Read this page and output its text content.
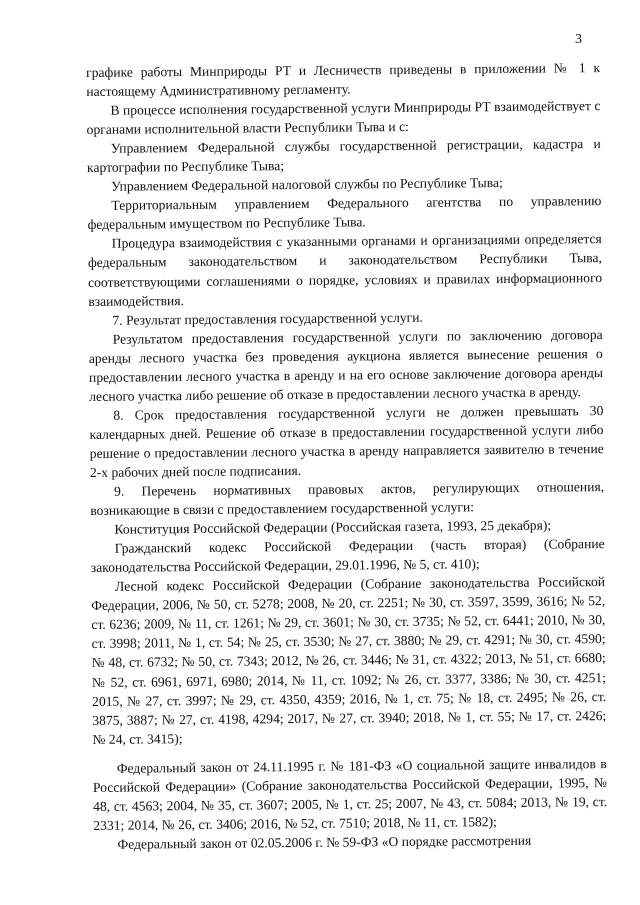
3

графике работы Минприроды РТ и Лесничеств приведены в приложении № 1 к настоящему Административному регламенту.

В процессе исполнения государственной услуги Минприроды РТ взаимодействует с органами исполнительной власти Республики Тыва и с:

Управлением Федеральной службы государственной регистрации, кадастра и картографии по Республике Тыва;

Управлением Федеральной налоговой службы по Республике Тыва;

Территориальным управлением Федерального агентства по управлению федеральным имуществом по Республике Тыва.

Процедура взаимодействия с указанными органами и организациями определяется федеральным законодательством и законодательством Республики Тыва, соответствующими соглашениями о порядке, условиях и правилах информационного взаимодействия.

7. Результат предоставления государственной услуги.

Результатом предоставления государственной услуги по заключению договора аренды лесного участка без проведения аукциона является вынесение решения о предоставлении лесного участка в аренду и на его основе заключение договора аренды лесного участка либо решение об отказе в предоставлении лесного участка в аренду.

8. Срок предоставления государственной услуги не должен превышать 30 календарных дней. Решение об отказе в предоставлении государственной услуги либо решение о предоставлении лесного участка в аренду направляется заявителю в течение 2-х рабочих дней после подписания.

9. Перечень нормативных правовых актов, регулирующих отношения, возникающие в связи с предоставлением государственной услуги:

Конституция Российской Федерации (Российская газета, 1993, 25 декабря);

Гражданский кодекс Российской Федерации (часть вторая) (Собрание законодательства Российской Федерации, 29.01.1996, № 5, ст. 410);

Лесной кодекс Российской Федерации (Собрание законодательства Российской Федерации, 2006, № 50, ст. 5278; 2008, № 20, ст. 2251; № 30, ст. 3597, 3599, 3616; № 52, ст. 6236; 2009, № 11, ст. 1261; № 29, ст. 3601; № 30, ст. 3735; № 52, ст. 6441; 2010, № 30, ст. 3998; 2011, № 1, ст. 54; № 25, ст. 3530; № 27, ст. 3880; № 29, ст. 4291; № 30, ст. 4590; № 48, ст. 6732; № 50, ст. 7343; 2012, № 26, ст. 3446; № 31, ст. 4322; 2013, № 51, ст. 6680; № 52, ст. 6961, 6971, 6980; 2014, № 11, ст. 1092; № 26, ст. 3377, 3386; № 30, ст. 4251; 2015, № 27, ст. 3997; № 29, ст. 4350, 4359; 2016, № 1, ст. 75; № 18, ст. 2495; № 26, ст. 3875, 3887; № 27, ст. 4198, 4294; 2017, № 27, ст. 3940; 2018, № 1, ст. 55; № 17, ст. 2426; № 24, ст. 3415);

Федеральный закон от 24.11.1995 г. № 181-ФЗ «О социальной защите инвалидов в Российской Федерации» (Собрание законодательства Российской Федерации, 1995, № 48, ст. 4563; 2004, № 35, ст. 3607; 2005, № 1, ст. 25; 2007, № 43, ст. 5084; 2013, № 19, ст. 2331; 2014, № 26, ст. 3406; 2016, № 52, ст. 7510; 2018, № 11, ст. 1582);

Федеральный закон от 02.05.2006 г. № 59-ФЗ «О порядке рассмотрения
